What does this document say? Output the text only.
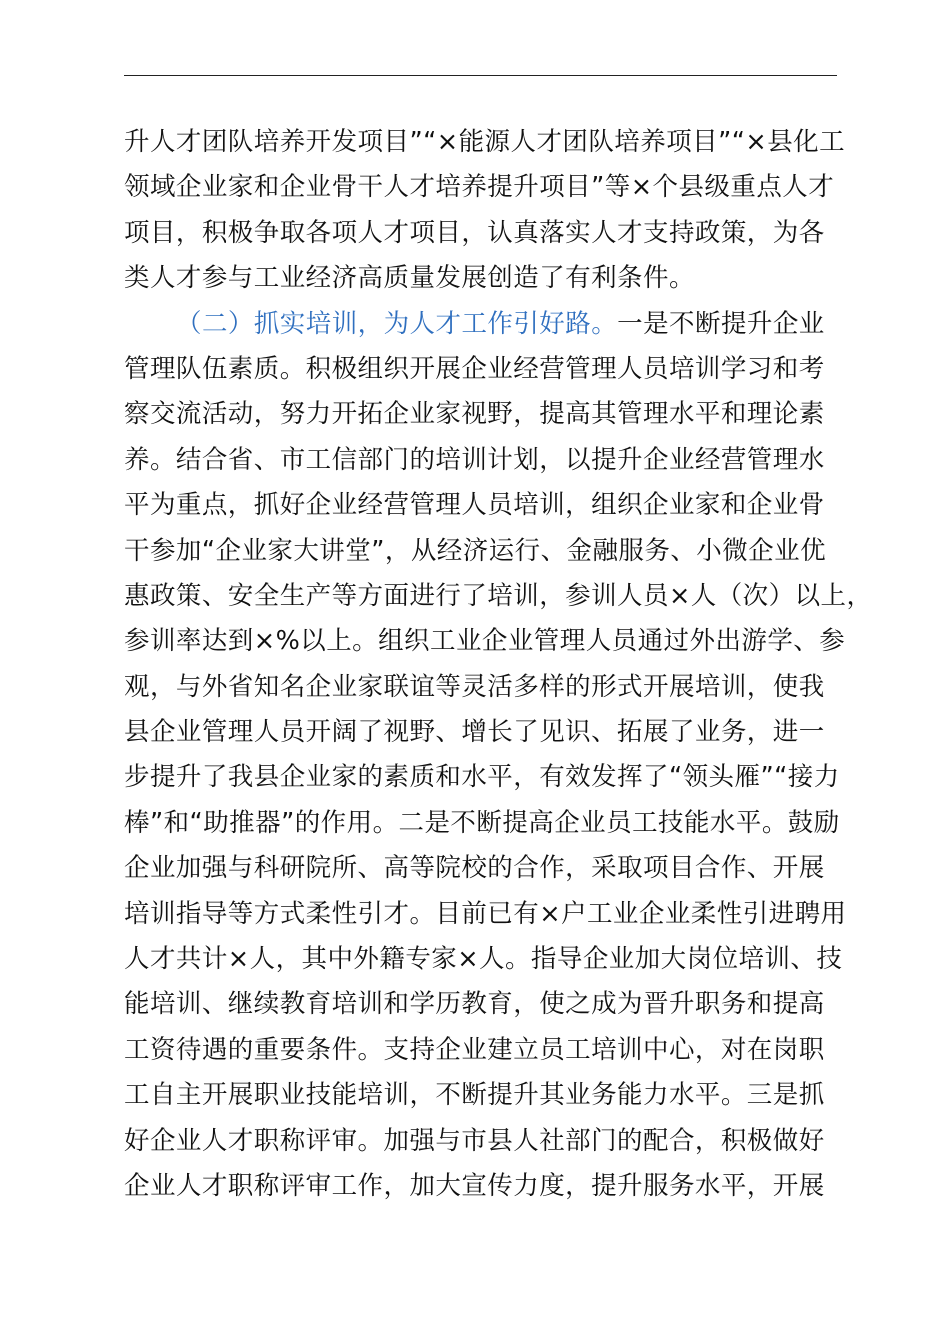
升人才团队培养开发项目”“×能源人才团队培养项目”“×县化工
领域企业家和企业骨干人才培养提升项目”等×个县级重点人才
项目，积极争取各项人才项目，认真落实人才支持政策，为各
类人才参与工业经济高质量发展创造了有利条件。
（二）抓实培训，为人才工作引好路。一是不断提升企业
管理队伍素质。积极组织开展企业经营管理人员培训学习和考
察交流活动，努力开拓企业家视野，提高其管理水平和理论素
养。结合省、市工信部门的培训计划，以提升企业经营管理水
平为重点，抓好企业经营管理人员培训，组织企业家和企业骨
干参加“企业家大讲堂”，从经济运行、金融服务、小微企业优
惠政策、安全生产等方面进行了培训，参训人员×人（次）以上，
参训率达到×%以上。组织工业企业管理人员通过外出游学、参
观，与外省知名企业家联谊等灵活多样的形式开展培训，使我
县企业管理人员开阔了视野、增长了见识、拓展了业务，进一
步提升了我县企业家的素质和水平，有效发挥了“领头雁”“接力
棒”和“助推器”的作用。二是不断提高企业员工技能水平。鼓励
企业加强与科研院所、高等院校的合作，采取项目合作、开展
培训指导等方式柔性引才。目前已有×户工业企业柔性引进聘用
人才共计×人，其中外籍专家×人。指导企业加大岗位培训、技
能培训、继续教育培训和学历教育，使之成为晋升职务和提高
工资待遇的重要条件。支持企业建立员工培训中心，对在岗职
工自主开展职业技能培训，不断提升其业务能力水平。三是抓
好企业人才职称评审。加强与市县人社部门的配合，积极做好
企业人才职称评审工作，加大宣传力度，提升服务水平，开展
